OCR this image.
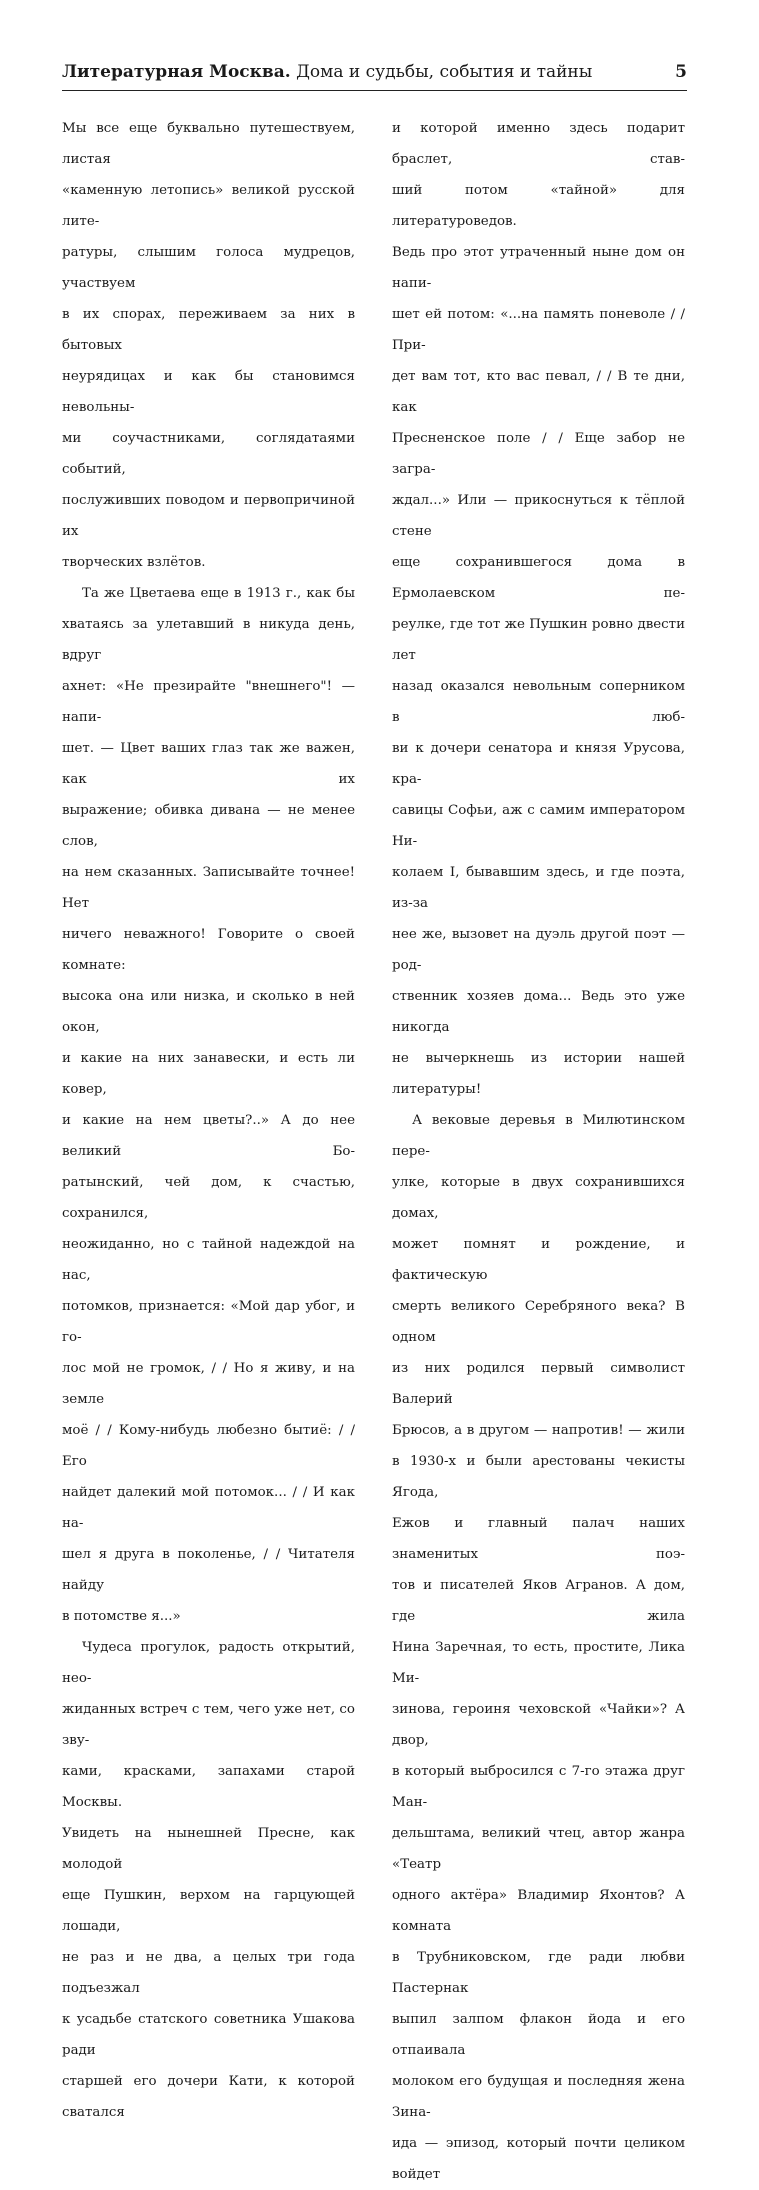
Литературная Москва. Дома и судьбы, события и тайны	5

Мы все еще буквально путешествуем, листая

«каменную летопись» великой русской лите-

ратуры, слышим голоса мудрецов, участвуем

в их спорах, переживаем за них в бытовых

неурядицах и как бы становимся невольны-

ми соучастниками, соглядатаями событий,

послуживших поводом и первопричиной их

творческих взлётов.

Та же Цветаева еще в 1913 г., как бы

хватаясь за улетавший в никуда день, вдруг

ахнет: «Не презирайте "внешнего"! — напи-

шет. — Цвет ваших глаз так же важен, как их

выражение; обивка дивана — не менее слов,

на нем сказанных. Записывайте точнее! Нет

ничего неважного! Говорите о своей комнате:

высока она или низка, и сколько в ней окон,

и какие на них занавески, и есть ли ковер,

и какие на нем цветы?..» А до нее великий Бо-

ратынский, чей дом, к счастью, сохранился,

неожиданно, но с тайной надеждой на нас,

потомков, признается: «Мой дар убог, и го-

лос мой не громок, / / Но я живу, и на земле

моё / / Кому-нибудь любезно бытиё: / / Его

найдет далекий мой потомок... / / И как на-

шел я друга в поколенье, / / Читателя найду

в потомстве я...»

Чудеса прогулок, радость открытий, нео-

жиданных встреч с тем, чего уже нет, со зву-

ками, красками, запахами старой Москвы.

Увидеть на нынешней Пресне, как молодой

еще Пушкин, верхом на гарцующей лошади,

не раз и не два, а целых три года подъезжал

к усадьбе статского советника Ушакова ради

старшей его дочери Кати, к которой сватался

и которой именно здесь подарит браслет, став-

ший потом «тайной» для литературоведов.

Ведь про этот утраченный ныне дом он напи-

шет ей потом: «...на память поневоле / / При-

дет вам тот, кто вас певал, / / В те дни, как

Пресненское поле / / Еще забор не загра-

ждал...» Или — прикоснуться к тёплой стене

еще сохранившегося дома в Ермолаевском пе-

реулке, где тот же Пушкин ровно двести лет

назад оказался невольным соперником в люб-

ви к дочери сенатора и князя Урусова, кра-

савицы Софьи, аж с самим императором Ни-

колаем I, бывавшим здесь, и где поэта, из-за

нее же, вызовет на дуэль другой поэт — род-

ственник хозяев дома... Ведь это уже никогда

не вычеркнешь из истории нашей литературы!

А вековые деревья в Милютинском пере-

улке, которые в двух сохранившихся домах,

может помнят и рождение, и фактическую

смерть великого Серебряного века? В одном

из них родился первый символист Валерий

Брюсов, а в другом — напротив! — жили

в 1930-х и были арестованы чекисты Ягода,

Ежов и главный палач наших знаменитых поэ-

тов и писателей Яков Агранов. А дом, где жила

Нина Заречная, то есть, простите, Лика Ми-

зинова, героиня чеховской «Чайки»? А двор,

в который выбросился с 7-го этажа друг Ман-

дельштама, великий чтец, автор жанра «Театр

одного актёра» Владимир Яхонтов? А комната

в Трубниковском, где ради любви Пастернак

выпил залпом флакон йода и его отпаивала

молоком его будущая и последняя жена Зина-

ида — эпизод, который почти целиком войдет
